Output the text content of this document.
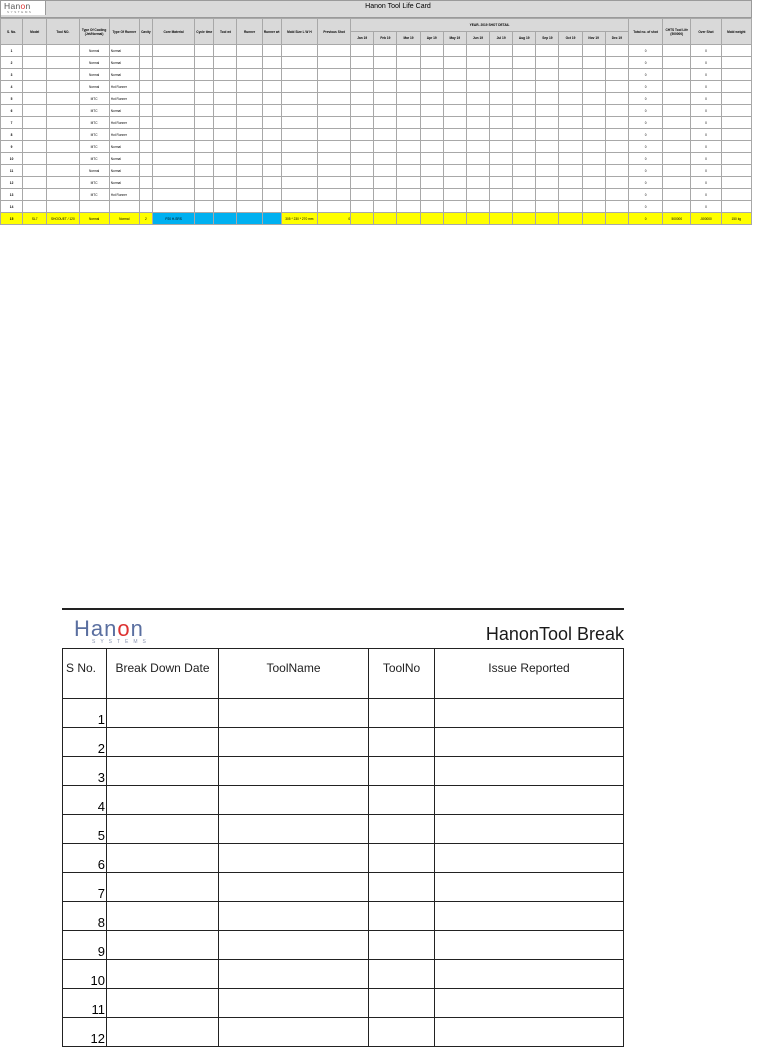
Hanon
SYSTEMS
Hanon Tool Life Card
S. No.	Model	Tool NO.	Type Of Cooling (Jet/Normal)	Type Of Runner	Cavity	Core Material	Cycle time	Tool wt	Runner	Runner wt	Mold Size L W H	Previous Shot	YEAR- 2019 SHOT DETAIL												Total no. of shot	CHTS Tool Life (500000)	Over Shot	Mold weight
													Jan 19	Feb 19	Mar 19	Apr 19	May 19	Jun 19	Jul 19	Aug 19	Sep 19	Oct 19	Nov 19	Dec 19				
1			Normal	Normal																					0		0	
2			Normal	Normal																					0		0	
3			Normal	Normal																					0		0	
4			Normal	Hot Runner																					0		0	
5			MTC	Hot Runner																					0		0	
6			MTC	Normal																					0		0	
7			MTC	Hot Runner																					0		0	
8			MTC	Hot Runner																					0		0	
9			MTC	Normal																					0		0	
10			MTC	Normal																					0		0	
11			Normal	Normal																					0		0	
12			MTC	Normal																					0		0	
13			MTC	Hot Runner																					0		0	
14																									0		0	
15	SL7	SHOOUET / 120	Normal	Normal	2	P20 H-SRS					305 * 230 * 270 mm	0													0	500000	-500000	150 kg
Hanon
SYSTEMS	HanonTool Break
S No.	Break Down Date	ToolName	ToolNo	Issue Reported
1				
2				
3				
4				
5				
6				
7				
8				
9				
10				
11				
12				
